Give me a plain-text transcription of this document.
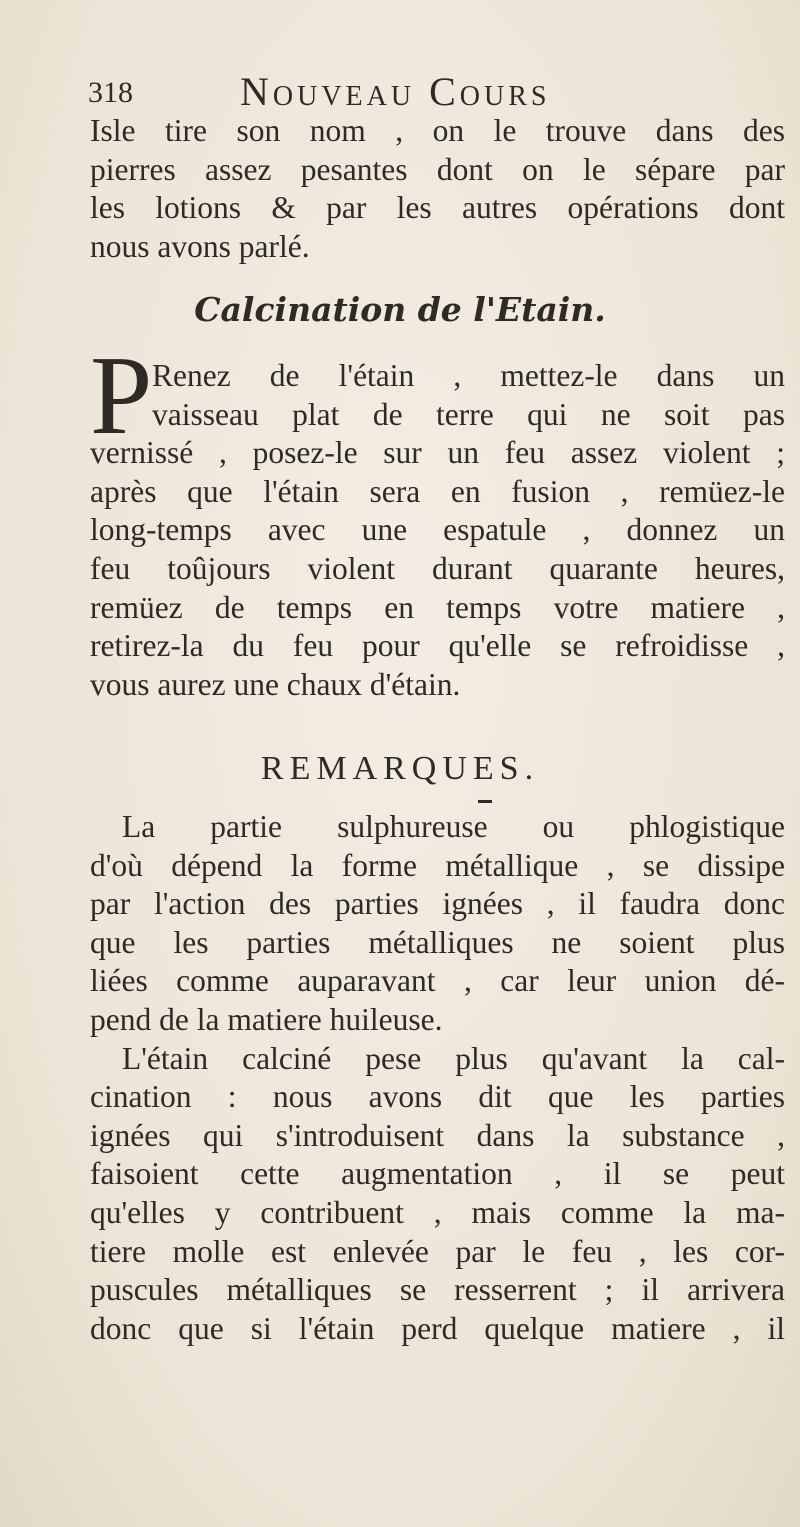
318	Nouveau Cours
Isle tire son nom , on le trouve dans des
pierres assez pesantes dont on le sépare par
les lotions & par les autres opérations dont
nous avons parlé.
Calcination de l'Etain.
P Renez de l'étain , mettez-le dans un
vaisseau plat de terre qui ne soit pas
vernissé , posez-le sur un feu assez violent ;
après que l'étain sera en fusion , remüez-le
long-temps avec une espatule , donnez un
feu toûjours violent durant quarante heures,
remüez de temps en temps votre matiere ,
retirez-la du feu pour qu'elle se refroidisse ,
vous aurez une chaux d'étain.
REMARQUES.
La partie sulphureuse ou phlogistique
d'où dépend la forme métallique , se dissipe
par l'action des parties ignées , il faudra donc
que les parties métalliques ne soient plus
liées comme auparavant , car leur union dé-
pend de la matiere huileuse.
L'étain calciné pese plus qu'avant la cal-
cination : nous avons dit que les parties
ignées qui s'introduisent dans la substance ,
faisoient cette augmentation , il se peut
qu'elles y contribuent , mais comme la ma-
tiere molle est enlevée par le feu , les cor-
puscules métalliques se resserrent ; il arrivera
donc que si l'étain perd quelque matiere , il
